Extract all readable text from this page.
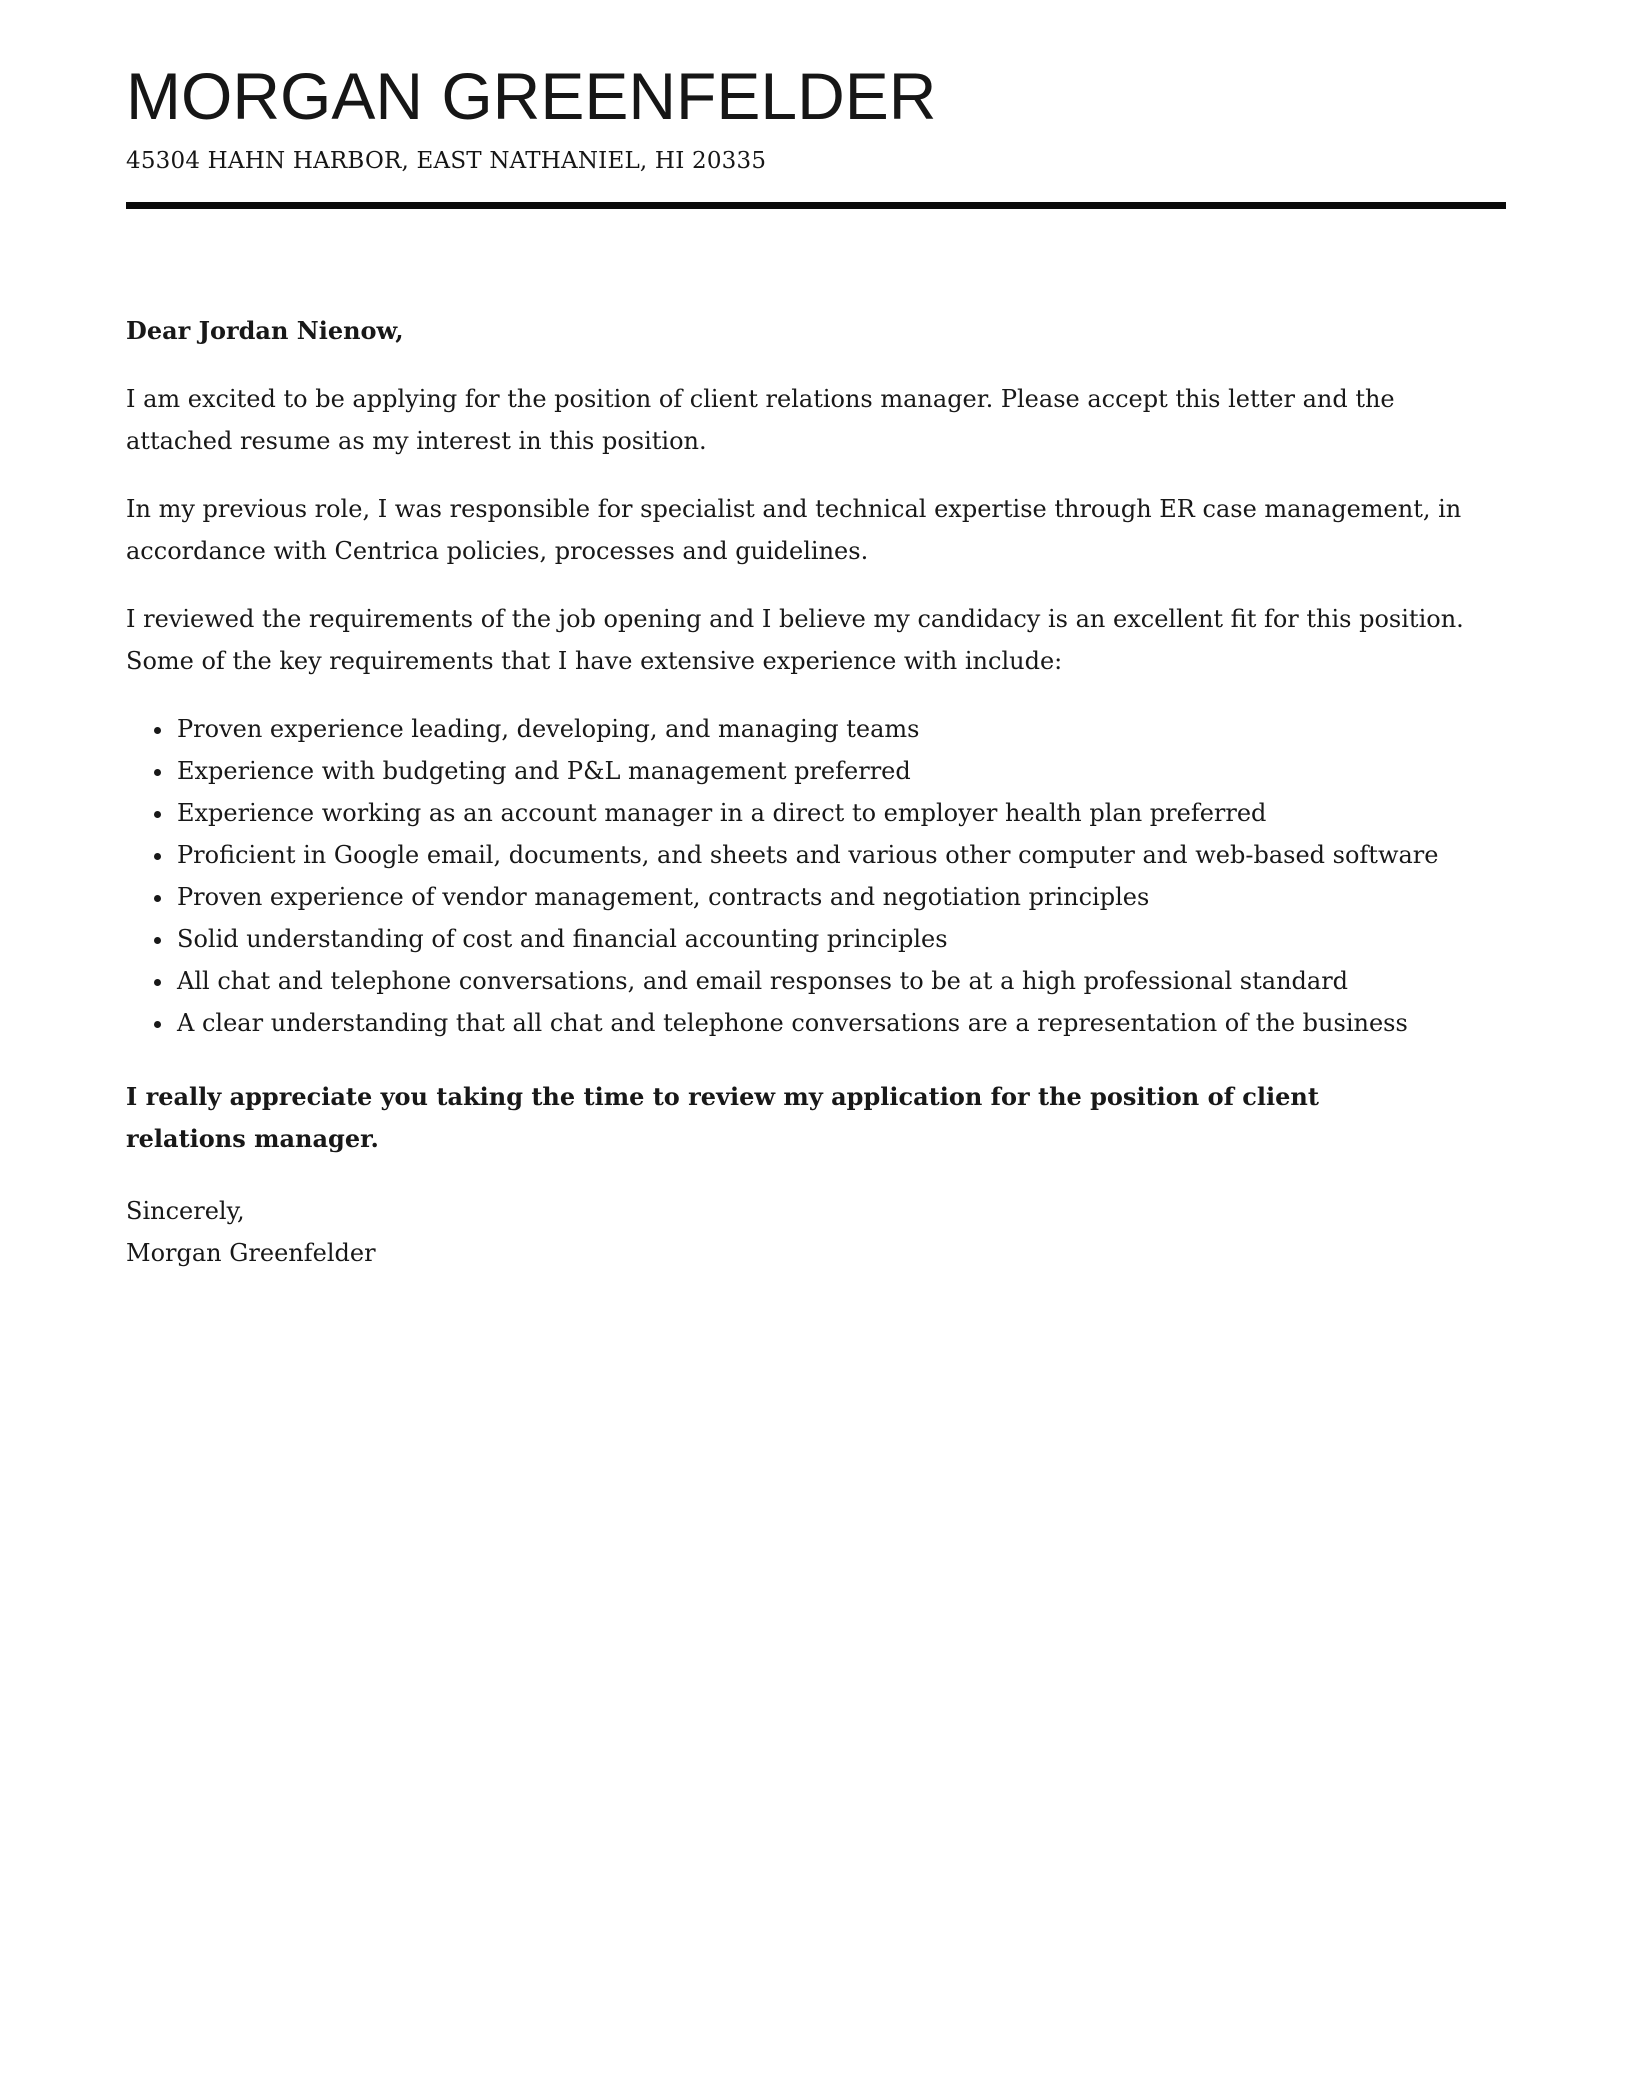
MORGAN GREENFELDER
45304 HAHN HARBOR, EAST NATHANIEL, HI 20335

Dear Jordan Nienow,

I am excited to be applying for the position of client relations manager. Please accept this letter and the attached resume as my interest in this position.

In my previous role, I was responsible for specialist and technical expertise through ER case management, in accordance with Centrica policies, processes and guidelines.

I reviewed the requirements of the job opening and I believe my candidacy is an excellent fit for this position. Some of the key requirements that I have extensive experience with include:

• Proven experience leading, developing, and managing teams
• Experience with budgeting and P&L management preferred
• Experience working as an account manager in a direct to employer health plan preferred
• Proficient in Google email, documents, and sheets and various other computer and web-based software
• Proven experience of vendor management, contracts and negotiation principles
• Solid understanding of cost and financial accounting principles
• All chat and telephone conversations, and email responses to be at a high professional standard
• A clear understanding that all chat and telephone conversations are a representation of the business

I really appreciate you taking the time to review my application for the position of client relations manager.

Sincerely,

Morgan Greenfelder
